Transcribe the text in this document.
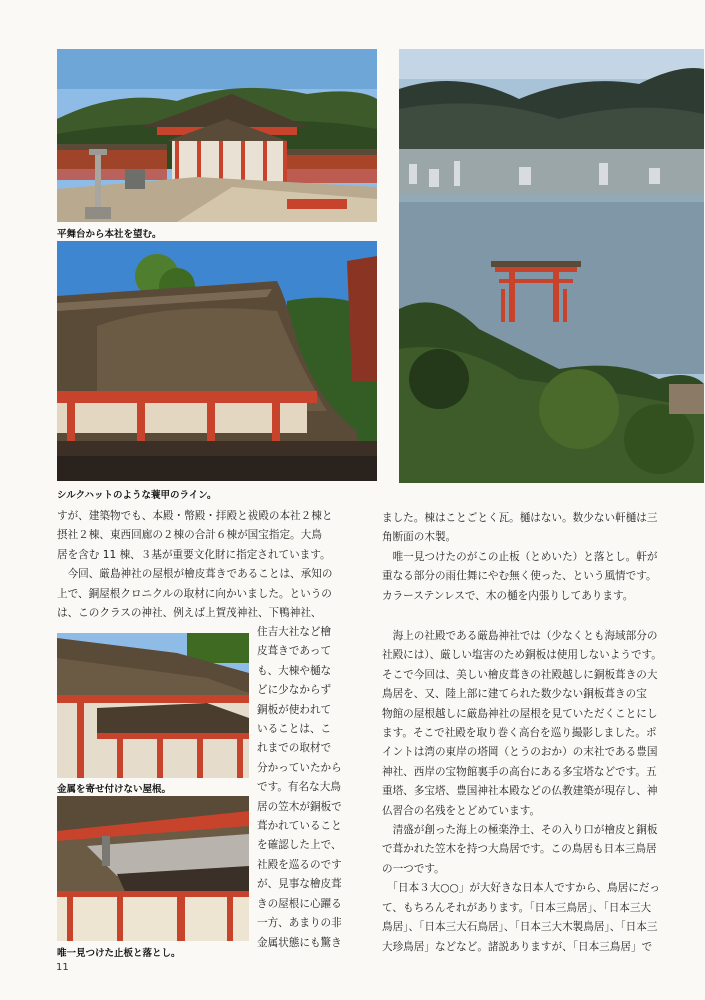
平舞台から本社を望む。
シルクハットのような蓑甲のライン。

すが、建築物でも、本殿・幣殿・拝殿と祓殿の本社２棟と

摂社２棟、東西回廊の２棟の合計６棟が国宝指定。大鳥

居を含む 11 棟、３基が重要文化財に指定されています。

　今回、厳島神社の屋根が檜皮葺きであることは、承知の

上で、銅屋根クロニクルの取材に向かいました。というの

は、このクラスの神社、例えば上賀茂神社、下鴨神社、

金属を寄せ付けない屋根。
唯一見つけた止板と落とし。

住吉大社など檜

皮葺きであって

も、大棟や樋な

どに少なからず

銅板が使われて

いることは、こ

れまでの取材で

分かっていたから

です。有名な大鳥

居の笠木が銅板で

葺かれていること

を確認した上で、

社殿を巡るのです

が、見事な檜皮葺

きの屋根に心躍る

一方、あまりの非

金属状態にも驚き

ました。棟はことごとく瓦。樋はない。数少ない軒樋は三

角断面の木製。

　唯一見つけたのがこの止板（とめいた）と落とし。軒が

重なる部分の雨仕舞にやむ無く使った、という風情です。

カラーステンレスで、木の樋を内張りしてあります。

　海上の社殿である厳島神社では（少なくとも海域部分の

社殿には）、厳しい塩害のため銅板は使用しないようです。

そこで今回は、美しい檜皮葺きの社殿越しに銅板葺きの大

鳥居を、又、陸上部に建てられた数少ない銅板葺きの宝

物館の屋根越しに厳島神社の屋根を見ていただくことにし

ます。そこで社殿を取り巻く高台を巡り撮影しました。ポ

イントは湾の東岸の塔岡（とうのおか）の末社である豊国

神社、西岸の宝物館裏手の高台にある多宝塔などです。五

重塔、多宝塔、豊国神社本殿などの仏教建築が現存し、神

仏習合の名残をとどめています。

　清盛が創った海上の極楽浄土、その入り口が檜皮と銅板

で葺かれた笠木を持つ大鳥居です。この鳥居も日本三鳥居

の一つです。

　「日本３大○○」が大好きな日本人ですから、鳥居にだっ

て、もちろんそれがあります。「日本三鳥居」、「日本三大

鳥居」、「日本三大石鳥居」、「日本三大木製鳥居」、「日本三

大珍鳥居」などなど。諸説ありますが、「日本三鳥居」で

11
